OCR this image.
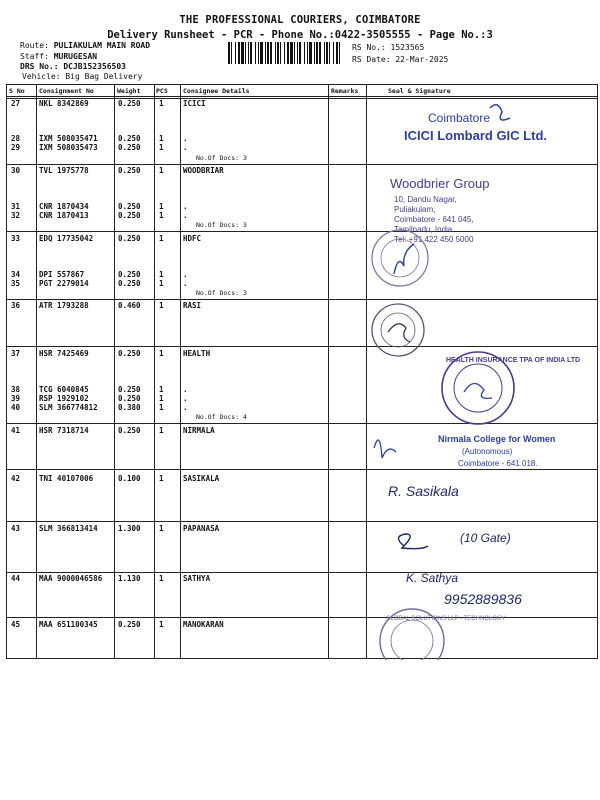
THE PROFESSIONAL COURIERS, COIMBATORE
Delivery Runsheet - PCR - Phone No.:0422-3505555 - Page No.:3
Route: PULIAKULAM MAIN ROAD
Staff: MURUGESAN
DRS No.: DCJB152356503
Vehicle: Big Bag Delivery
RS No.: 1523565
RS Date: 22-Mar-2025
S No Consignment No	Weight PCS Consignee Details	Remarks	Seal & Signature
27	NKL 8342869	0.250 1	ICICI
28	IXM 508035471	0.250 1	.
29	IXM 508035473	0.250 1	.
No.Of Docs: 3
30	TVL 1975778	0.250 1	WOODBRIAR
31	CNR 1870434	0.250 1	.
32	CNR 1870413	0.250 1	.
No.Of Docs: 3
33	EDQ 17735042	0.250 1	HDFC
34	DPI 557867	0.250 1	.
35	PGT 2279014	0.250 1	.
No.Of Docs: 3
36	ATR 1793288	0.460 1	RASI
37	HSR 7425469	0.250 1	HEALTH
38	TCG 6040845	0.250 1	.
39	RSP 1929102	0.250 1	.
40	SLM 366774812	0.380 1	.
No.Of Docs: 4
41	HSR 7318714	0.250 1	NIRMALA
42	TNI 40107006	0.100 1	SASIKALA
43	SLM 366813414	1.300 1	PAPANASA
44	MAA 9000046586 1.130 1	SATHYA
45	MAA 651100345	0.250 1	MANOKARAN
Coimbatore
ICICI Lombard GIC Ltd.
Woodbrier Group
10, Dandu Nagar,
Puliakulam,
Coimbatore - 641 045,
Tamilnadu, India.
Tel: +91 422 450 5000
HEALTH INSURANCE TPA OF INDIA LTD
Nirmala College for Women
(Autonomous)
Coimbatore - 641 018.
R. Sasikala
(10 Gate)
K. Sathya
9952889836
GLOBAL SOLUTIONS LLP - TECHNOLOGY
